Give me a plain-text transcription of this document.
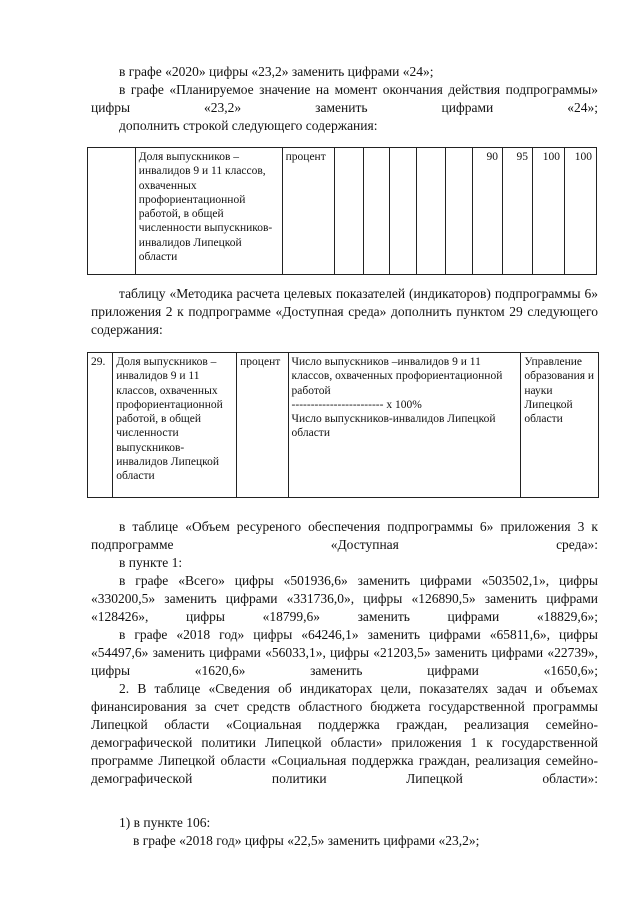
в графе «2020» цифры «23,2» заменить цифрами «24»;

в графе «Планируемое значение на момент окончания действия подпрограммы» цифры «23,2» заменить цифрами «24»;

дополнить строкой следующего содержания:

	Доля выпускников – инвалидов 9 и 11 классов, охваченных профориентационной работой, в общей численности выпускников-инвалидов Липецкой области	процент						90	95	100	100

таблицу «Методика расчета целевых показателей (индикаторов) подпрограммы 6» приложения 2 к подпрограмме «Доступная среда» дополнить пунктом 29 следующего содержания:

29.	Доля выпускников – инвалидов 9 и 11 классов, охваченных профориентационной работой, в общей численности выпускников-инвалидов Липецкой области	процент	Число выпускников –инвалидов 9 и 11 классов, охваченных профориентационной работой
------------------------ х 100%
Число выпускников-инвалидов Липецкой области
	Управление образования и науки Липецкой области

в таблице «Объем ресуреного обеспечения подпрограммы 6» приложения 3 к подпрограмме «Доступная среда»:

в пункте 1:

в графе «Всего» цифры «501936,6» заменить цифрами «503502,1», цифры «330200,5» заменить цифрами «331736,0», цифры «126890,5» заменить цифрами «128426», цифры «18799,6» заменить цифрами «18829,6»;

в графе «2018 год» цифры «64246,1» заменить цифрами «65811,6», цифры «54497,6» заменить цифрами «56033,1», цифры «21203,5» заменить цифрами «22739», цифры «1620,6» заменить цифрами «1650,6»;

2. В таблице «Сведения об индикаторах цели, показателях задач и объемах финансирования за счет средств областного бюджета государственной программы Липецкой области «Социальная поддержка граждан, реализация семейно-демографической политики Липецкой области» приложения 1 к государственной программе Липецкой области «Социальная поддержка граждан, реализация семейно-демографической политики Липецкой области»:

1) в пункте 106:

в графе «2018 год» цифры «22,5» заменить цифрами «23,2»;
